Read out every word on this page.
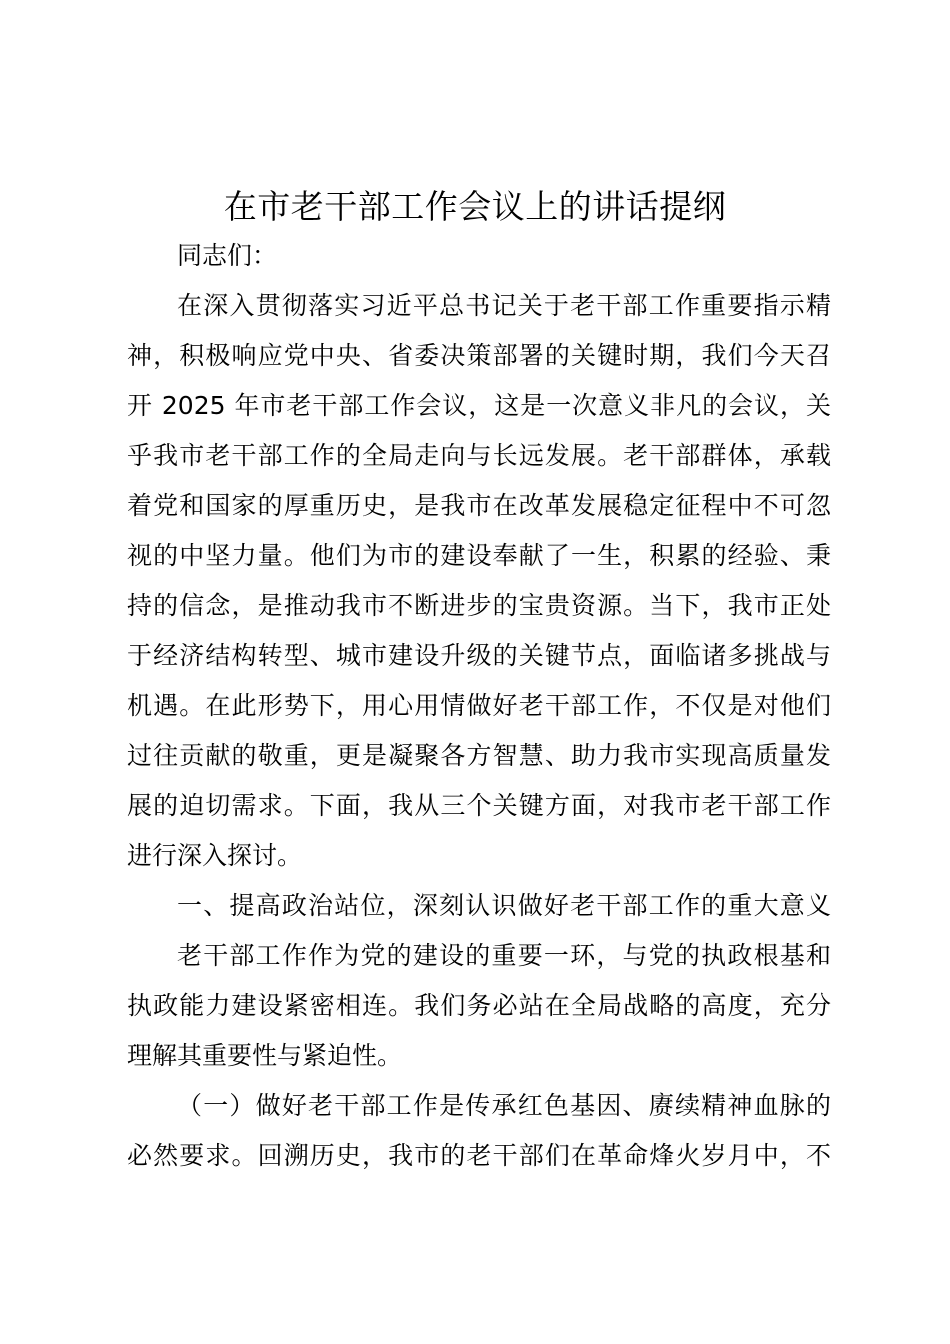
在市老干部工作会议上的讲话提纲
同志们：
在深入贯彻落实习近平总书记关于老干部工作重要指示精
神，积极响应党中央、省委决策部署的关键时期，我们今天召
开 2025 年市老干部工作会议，这是一次意义非凡的会议，关
乎我市老干部工作的全局走向与长远发展。老干部群体，承载
着党和国家的厚重历史，是我市在改革发展稳定征程中不可忽
视的中坚力量。他们为市的建设奉献了一生，积累的经验、秉
持的信念，是推动我市不断进步的宝贵资源。当下，我市正处
于经济结构转型、城市建设升级的关键节点，面临诸多挑战与
机遇。在此形势下，用心用情做好老干部工作，不仅是对他们
过往贡献的敬重，更是凝聚各方智慧、助力我市实现高质量发
展的迫切需求。下面，我从三个关键方面，对我市老干部工作
进行深入探讨。
一、提高政治站位，深刻认识做好老干部工作的重大意义
老干部工作作为党的建设的重要一环，与党的执政根基和
执政能力建设紧密相连。我们务必站在全局战略的高度，充分
理解其重要性与紧迫性。
（一）做好老干部工作是传承红色基因、赓续精神血脉的
必然要求。回溯历史，我市的老干部们在革命烽火岁月中，不
